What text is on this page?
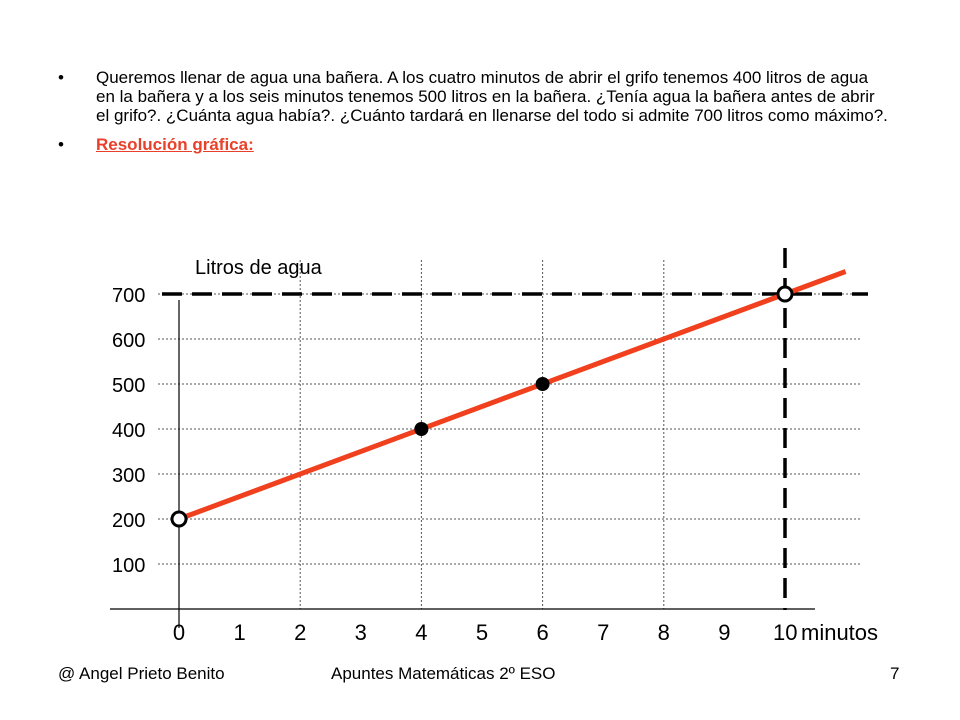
• Queremos llenar de agua una bañera. A los cuatro minutos de abrir el grifo tenemos 400 litros de agua en la bañera y a los seis minutos tenemos 500 litros en la bañera. ¿Tenía agua la bañera antes de abrir el grifo?. ¿Cuánta agua había?. ¿Cuánto tardará en llenarse del todo si admite 700 litros como máximo?.
• Resolución gráfica:
100
200
300
400
500
600
700
0 1 2 3 4 5 6 7 8 9 10 minutos
Litros de agua
@ Angel Prieto Benito	Apuntes Matemáticas 2º ESO	7
